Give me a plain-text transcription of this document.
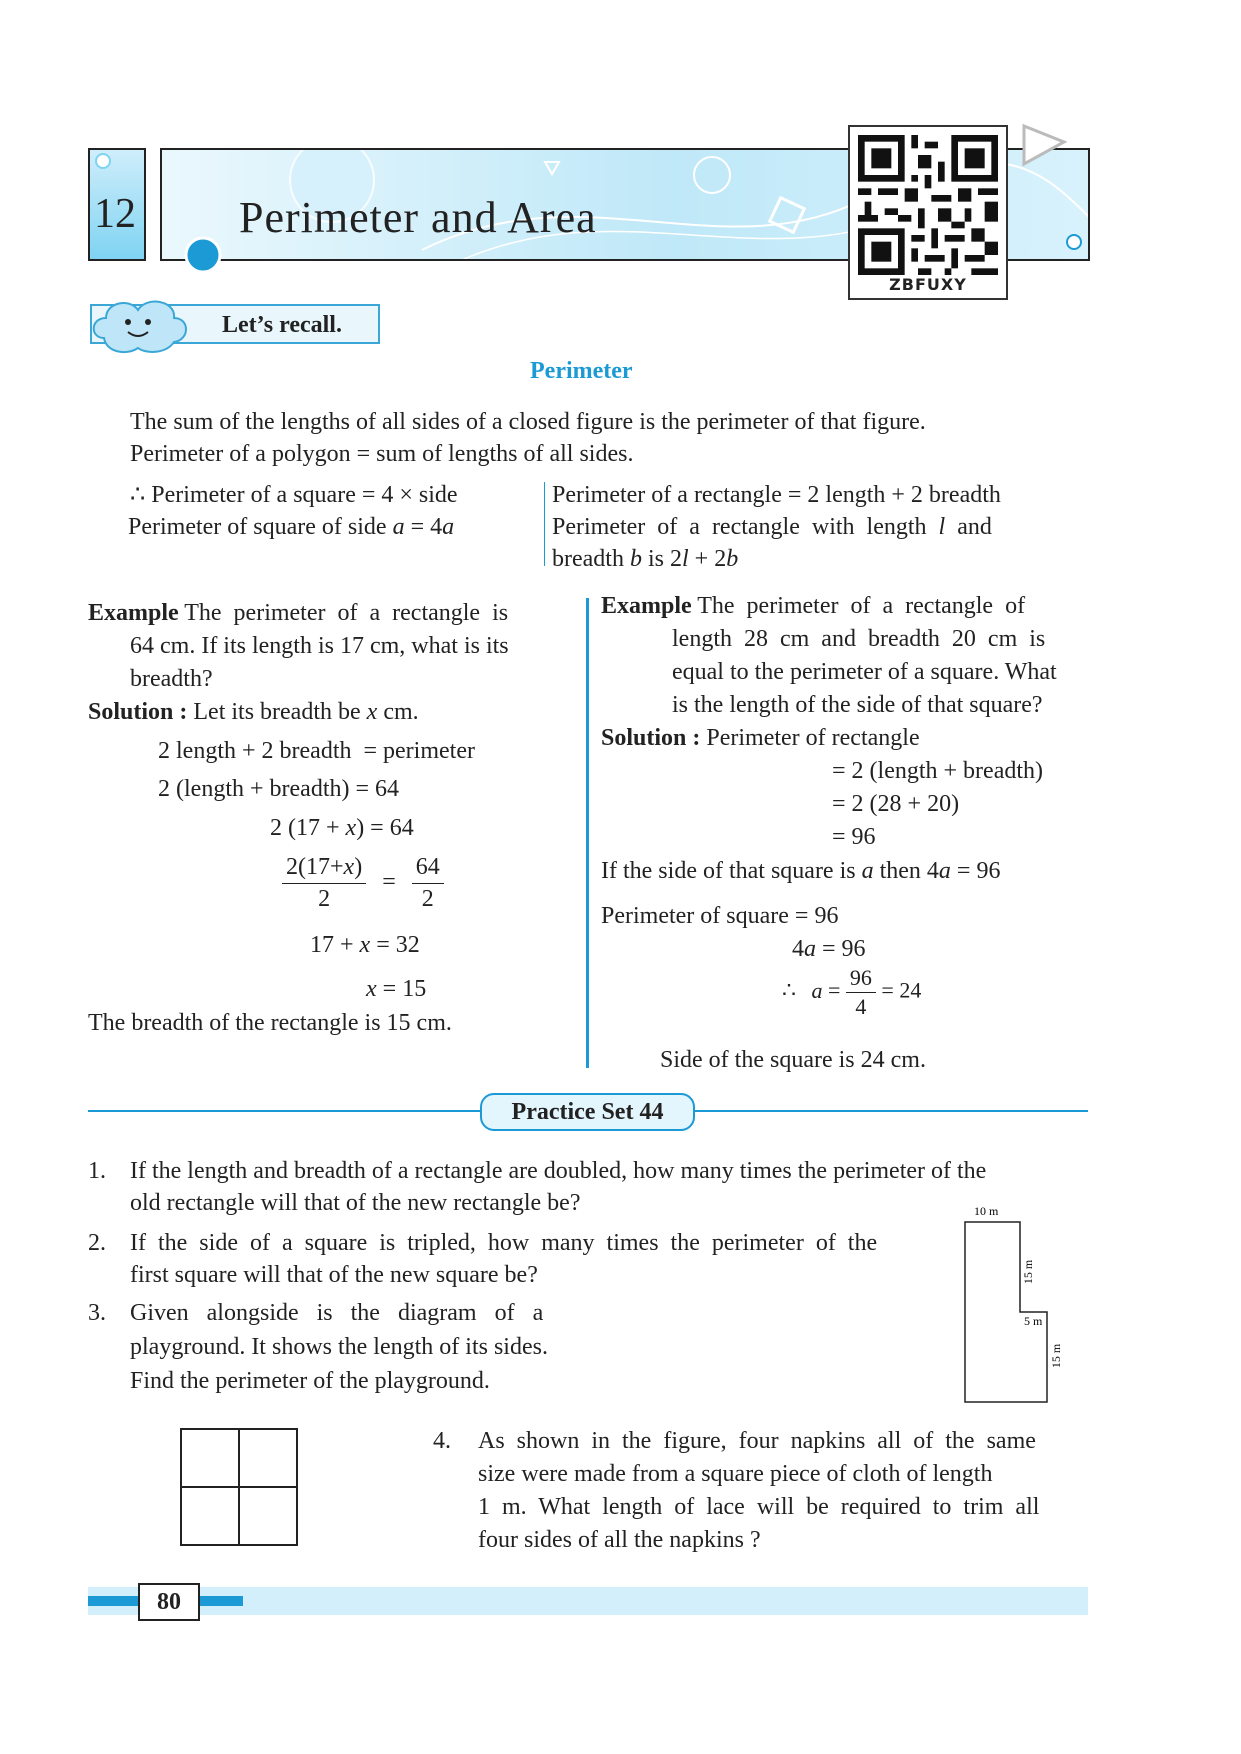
12 Perimeter and Area
ZBFUXY
Let’s recall.
Perimeter
The sum of the lengths of all sides of a closed figure is the perimeter of that figure.
Perimeter of a polygon = sum of lengths of all sides.
∴ Perimeter of a square = 4 × side
Perimeter of square of side a = 4a
Perimeter of a rectangle = 2 length + 2 breadth
Perimeter  of  a  rectangle  with  length  l  and
breadth b is 2l + 2b
Example The  perimeter  of  a  rectangle  is
64 cm. If its length is 17 cm, what is its
breadth?
Solution : Let its breadth be x cm.
2 length + 2 breadth  = perimeter
2 (length + breadth) = 64
2 (17 + x) = 64
$\frac{2(17+x)}{2} = \frac{64}{2}$
17 + x = 32
x = 15
The breadth of the rectangle is 15 cm.
Example The  perimeter  of  a  rectangle  of
length  28  cm  and  breadth  20  cm  is
equal to the perimeter of a square. What
is the length of the side of that square?
Solution : Perimeter of rectangle
= 2 (length + breadth)
= 2 (28 + 20)
= 96
If the side of that square is a then 4a = 96
Perimeter of square = 96
4a = 96
∴ $a = \frac{96}{4} = 24$
Side of the square is 24 cm.
Practice Set 44
1. If the length and breadth of a rectangle are doubled, how many times the perimeter of the
old rectangle will that of the new rectangle be?
2. If  the  side  of  a  square  is  tripled,  how  many  times  the  perimeter  of  the
first square will that of the new square be?
3. Given   alongside   is   the   diagram   of   a
playground. It shows the length of its sides.
Find the perimeter of the playground.
10 m
15 m
5 m
15 m
4. As  shown  in  the  figure,  four  napkins  all  of  the  same
size were made from a square piece of cloth of length
1  m.  What  length  of  lace  will  be  required  to  trim  all
four sides of all the napkins ?
80
